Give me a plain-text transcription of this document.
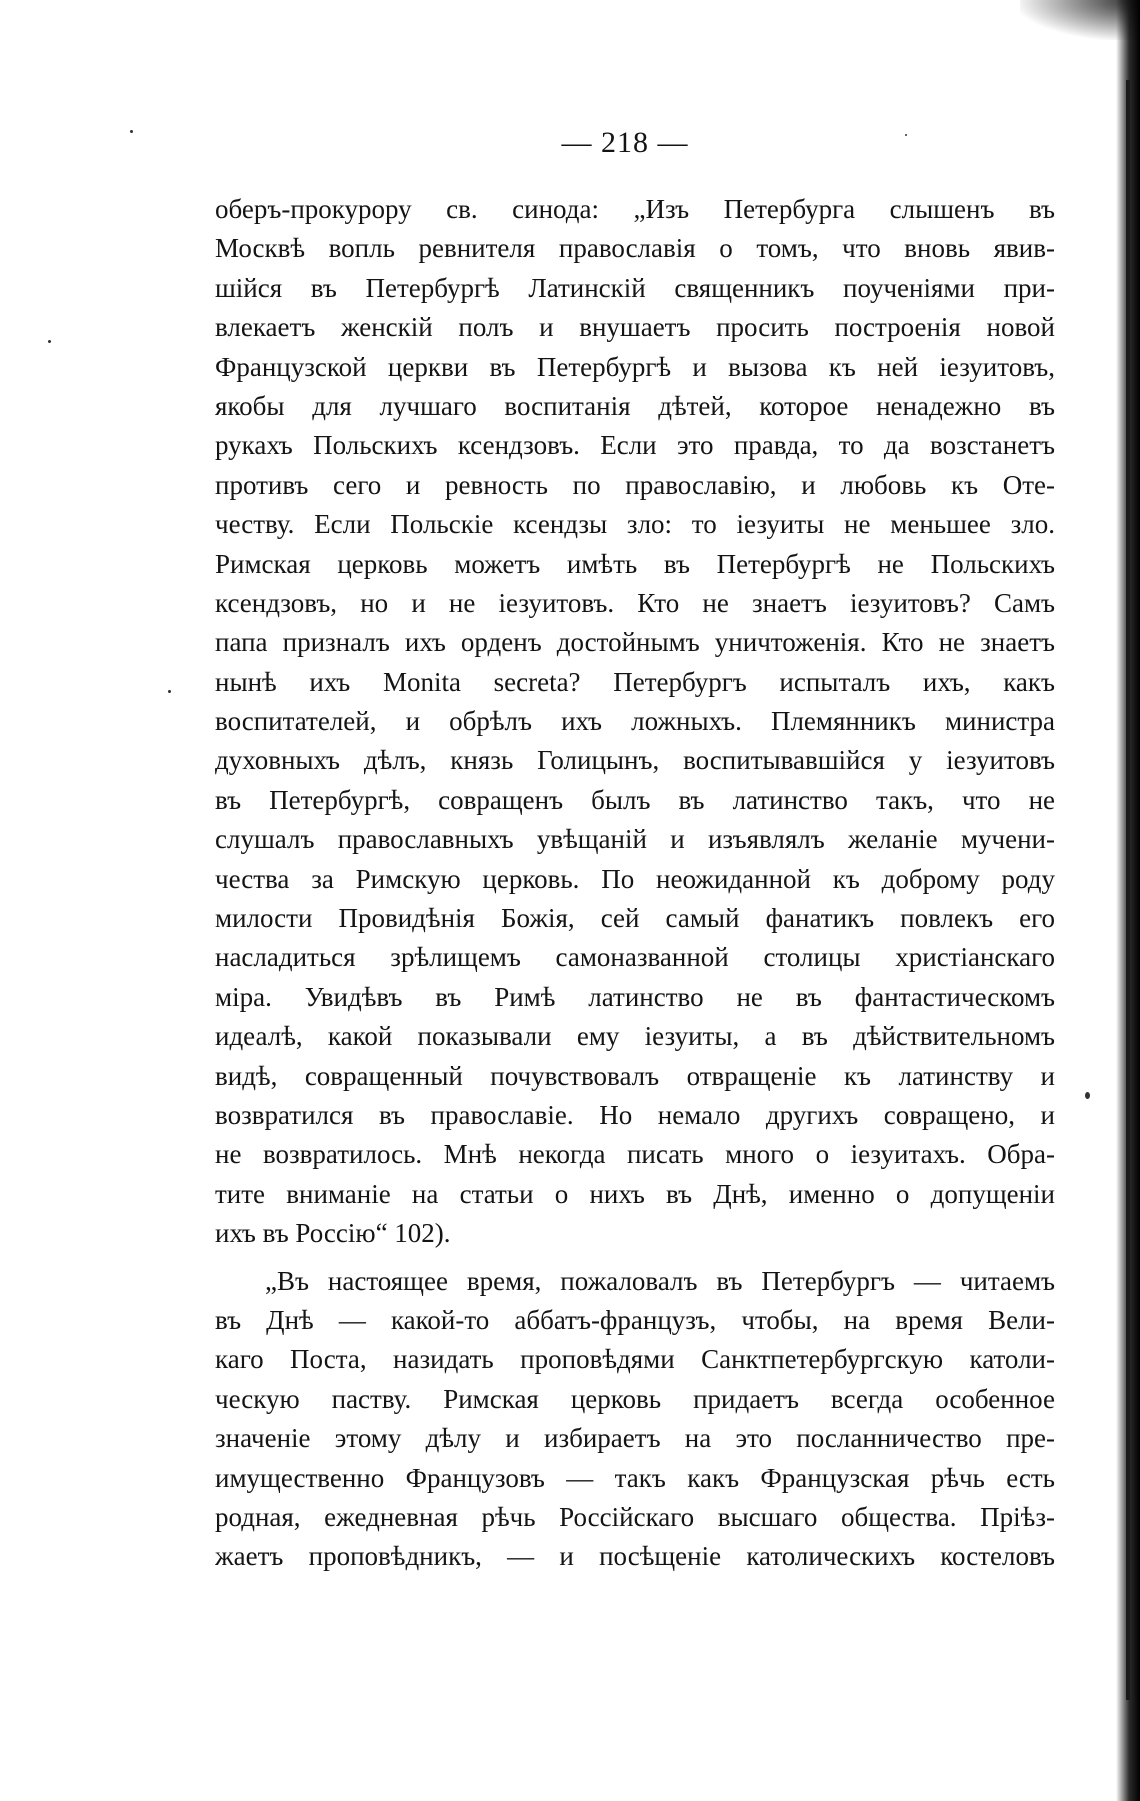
— 218 —
оберъ-прокурору св. синода: „Изъ Петербурга слышенъ въ
Москвѣ вопль ревнителя православія о томъ, что вновь явив-
шійся въ Петербургѣ Латинскій священникъ поученіями при-
влекаетъ женскій полъ и внушаетъ просить построенія новой
Французской церкви въ Петербургѣ и вызова къ ней іезуитовъ,
якобы для лучшаго воспитанія дѣтей, которое ненадежно въ
рукахъ Польскихъ ксендзовъ. Если это правда, то да возстанетъ
противъ сего и ревность по православію, и любовь къ Оте-
честву. Если Польскіе ксендзы зло: то іезуиты не меньшее зло.
Римская церковь можетъ имѣть въ Петербургѣ не Польскихъ
ксендзовъ, но и не іезуитовъ. Кто не знаетъ іезуитовъ? Самъ
папа призналъ ихъ орденъ достойнымъ уничтоженія. Кто не знаетъ
нынѣ ихъ Monita secreta? Петербургъ испыталъ ихъ, какъ
воспитателей, и обрѣлъ ихъ ложныхъ. Племянникъ министра
духовныхъ дѣлъ, князь Голицынъ, воспитывавшійся у іезуитовъ
въ Петербургѣ, совращенъ былъ въ латинство такъ, что не
слушалъ православныхъ увѣщаній и изъявлялъ желаніе мучени-
чества за Римскую церковь. По неожиданной къ доброму роду
милости Провидѣнія Божія, сей самый фанатикъ повлекъ его
насладиться зрѣлищемъ самоназванной столицы христіанскаго
міра. Увидѣвъ въ Римѣ латинство не въ фантастическомъ
идеалѣ, какой показывали ему іезуиты, а въ дѣйствительномъ
видѣ, совращенный почувствовалъ отвращеніе къ латинству и
возвратился въ православіе. Но немало другихъ совращено, и
не возвратилось. Мнѣ некогда писать много о іезуитахъ. Обра-
тите вниманіе на статьи о нихъ въ Днѣ, именно о допущеніи
ихъ въ Россію“ 102).
„Въ настоящее время, пожаловалъ въ Петербургъ — читаемъ
въ Днѣ — какой-то аббатъ-французъ, чтобы, на время Вели-
каго Поста, назидать проповѣдями Санктпетербургскую католи-
ческую паству. Римская церковь придаетъ всегда особенное
значеніе этому дѣлу и избираетъ на это посланничество пре-
имущественно Французовъ — такъ какъ Французская рѣчь есть
родная, ежедневная рѣчь Россійскаго высшаго общества. Пріѣз-
жаетъ проповѣдникъ, — и посѣщеніе католическихъ костеловъ
